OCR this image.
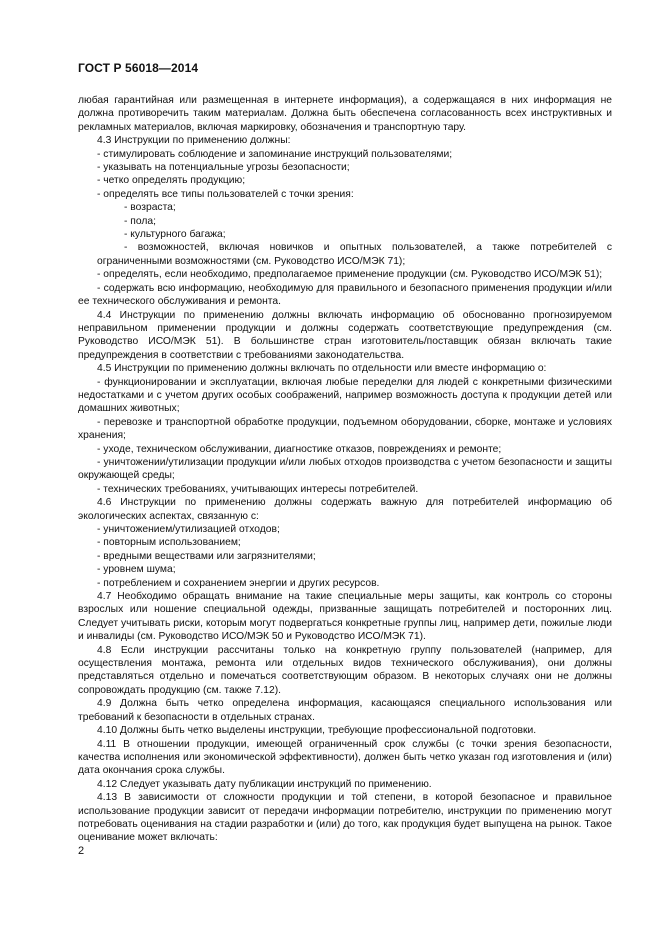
ГОСТ Р 56018—2014

любая гарантийная или размещенная в интернете информация), а содержащаяся в них информация не должна противоречить таким материалам. Должна быть обеспечена согласованность всех инструктивных и рекламных материалов, включая маркировку, обозначения и транспортную тару.

4.3 Инструкции по применению должны:

- стимулировать соблюдение и запоминание инструкций пользователями;

- указывать на потенциальные угрозы безопасности;

- четко определять продукцию;

- определять все типы пользователей с точки зрения:

- возраста;

- пола;

- культурного багажа;

- возможностей, включая новичков и опытных пользователей, а также потребителей с ограниченными возможностями (см. Руководство ИСО/МЭК 71);

- определять, если необходимо, предполагаемое применение продукции (см. Руководство ИСО/МЭК 51);

- содержать всю информацию, необходимую для правильного и безопасного применения продукции и/или ее технического обслуживания и ремонта.

4.4 Инструкции по применению должны включать информацию об обоснованно прогнозируемом неправильном применении продукции и должны содержать соответствующие предупреждения (см. Руководство ИСО/МЭК 51). В большинстве стран изготовитель/поставщик обязан включать такие предупреждения в соответствии с требованиями законодательства.

4.5 Инструкции по применению должны включать по отдельности или вместе информацию о:

- функционировании и эксплуатации, включая любые переделки для людей с конкретными физическими недостатками и с учетом других особых соображений, например возможность доступа к продукции детей или домашних животных;

- перевозке и транспортной обработке продукции, подъемном оборудовании, сборке, монтаже и условиях хранения;

- уходе, техническом обслуживании, диагностике отказов, повреждениях и ремонте;

- уничтожении/утилизации продукции и/или любых отходов производства с учетом безопасности и защиты окружающей среды;

- технических требованиях, учитывающих интересы потребителей.

4.6 Инструкции по применению должны содержать важную для потребителей информацию об экологических аспектах, связанную с:

- уничтожением/утилизацией отходов;

- повторным использованием;

- вредными веществами или загрязнителями;

- уровнем шума;

- потреблением и сохранением энергии и других ресурсов.

4.7 Необходимо обращать внимание на такие специальные меры защиты, как контроль со стороны взрослых или ношение специальной одежды, призванные защищать потребителей и посторонних лиц. Следует учитывать риски, которым могут подвергаться конкретные группы лиц, например дети, пожилые люди и инвалиды (см. Руководство ИСО/МЭК 50 и Руководство ИСО/МЭК 71).

4.8 Если инструкции рассчитаны только на конкретную группу пользователей (например, для осуществления монтажа, ремонта или отдельных видов технического обслуживания), они должны представляться отдельно и помечаться соответствующим образом. В некоторых случаях они не должны сопровождать продукцию (см. также 7.12).

4.9 Должна быть четко определена информация, касающаяся специального использования или требований к безопасности в отдельных странах.

4.10 Должны быть четко выделены инструкции, требующие профессиональной подготовки.

4.11 В отношении продукции, имеющей ограниченный срок службы (с точки зрения безопасности, качества исполнения или экономической эффективности), должен быть четко указан год изготовления и (или) дата окончания срока службы.

4.12 Следует указывать дату публикации инструкций по применению.

4.13 В зависимости от сложности продукции и той степени, в которой безопасное и правильное использование продукции зависит от передачи информации потребителю, инструкции по применению могут потребовать оценивания на стадии разработки и (или) до того, как продукция будет выпущена на рынок. Такое оценивание может включать:

2
